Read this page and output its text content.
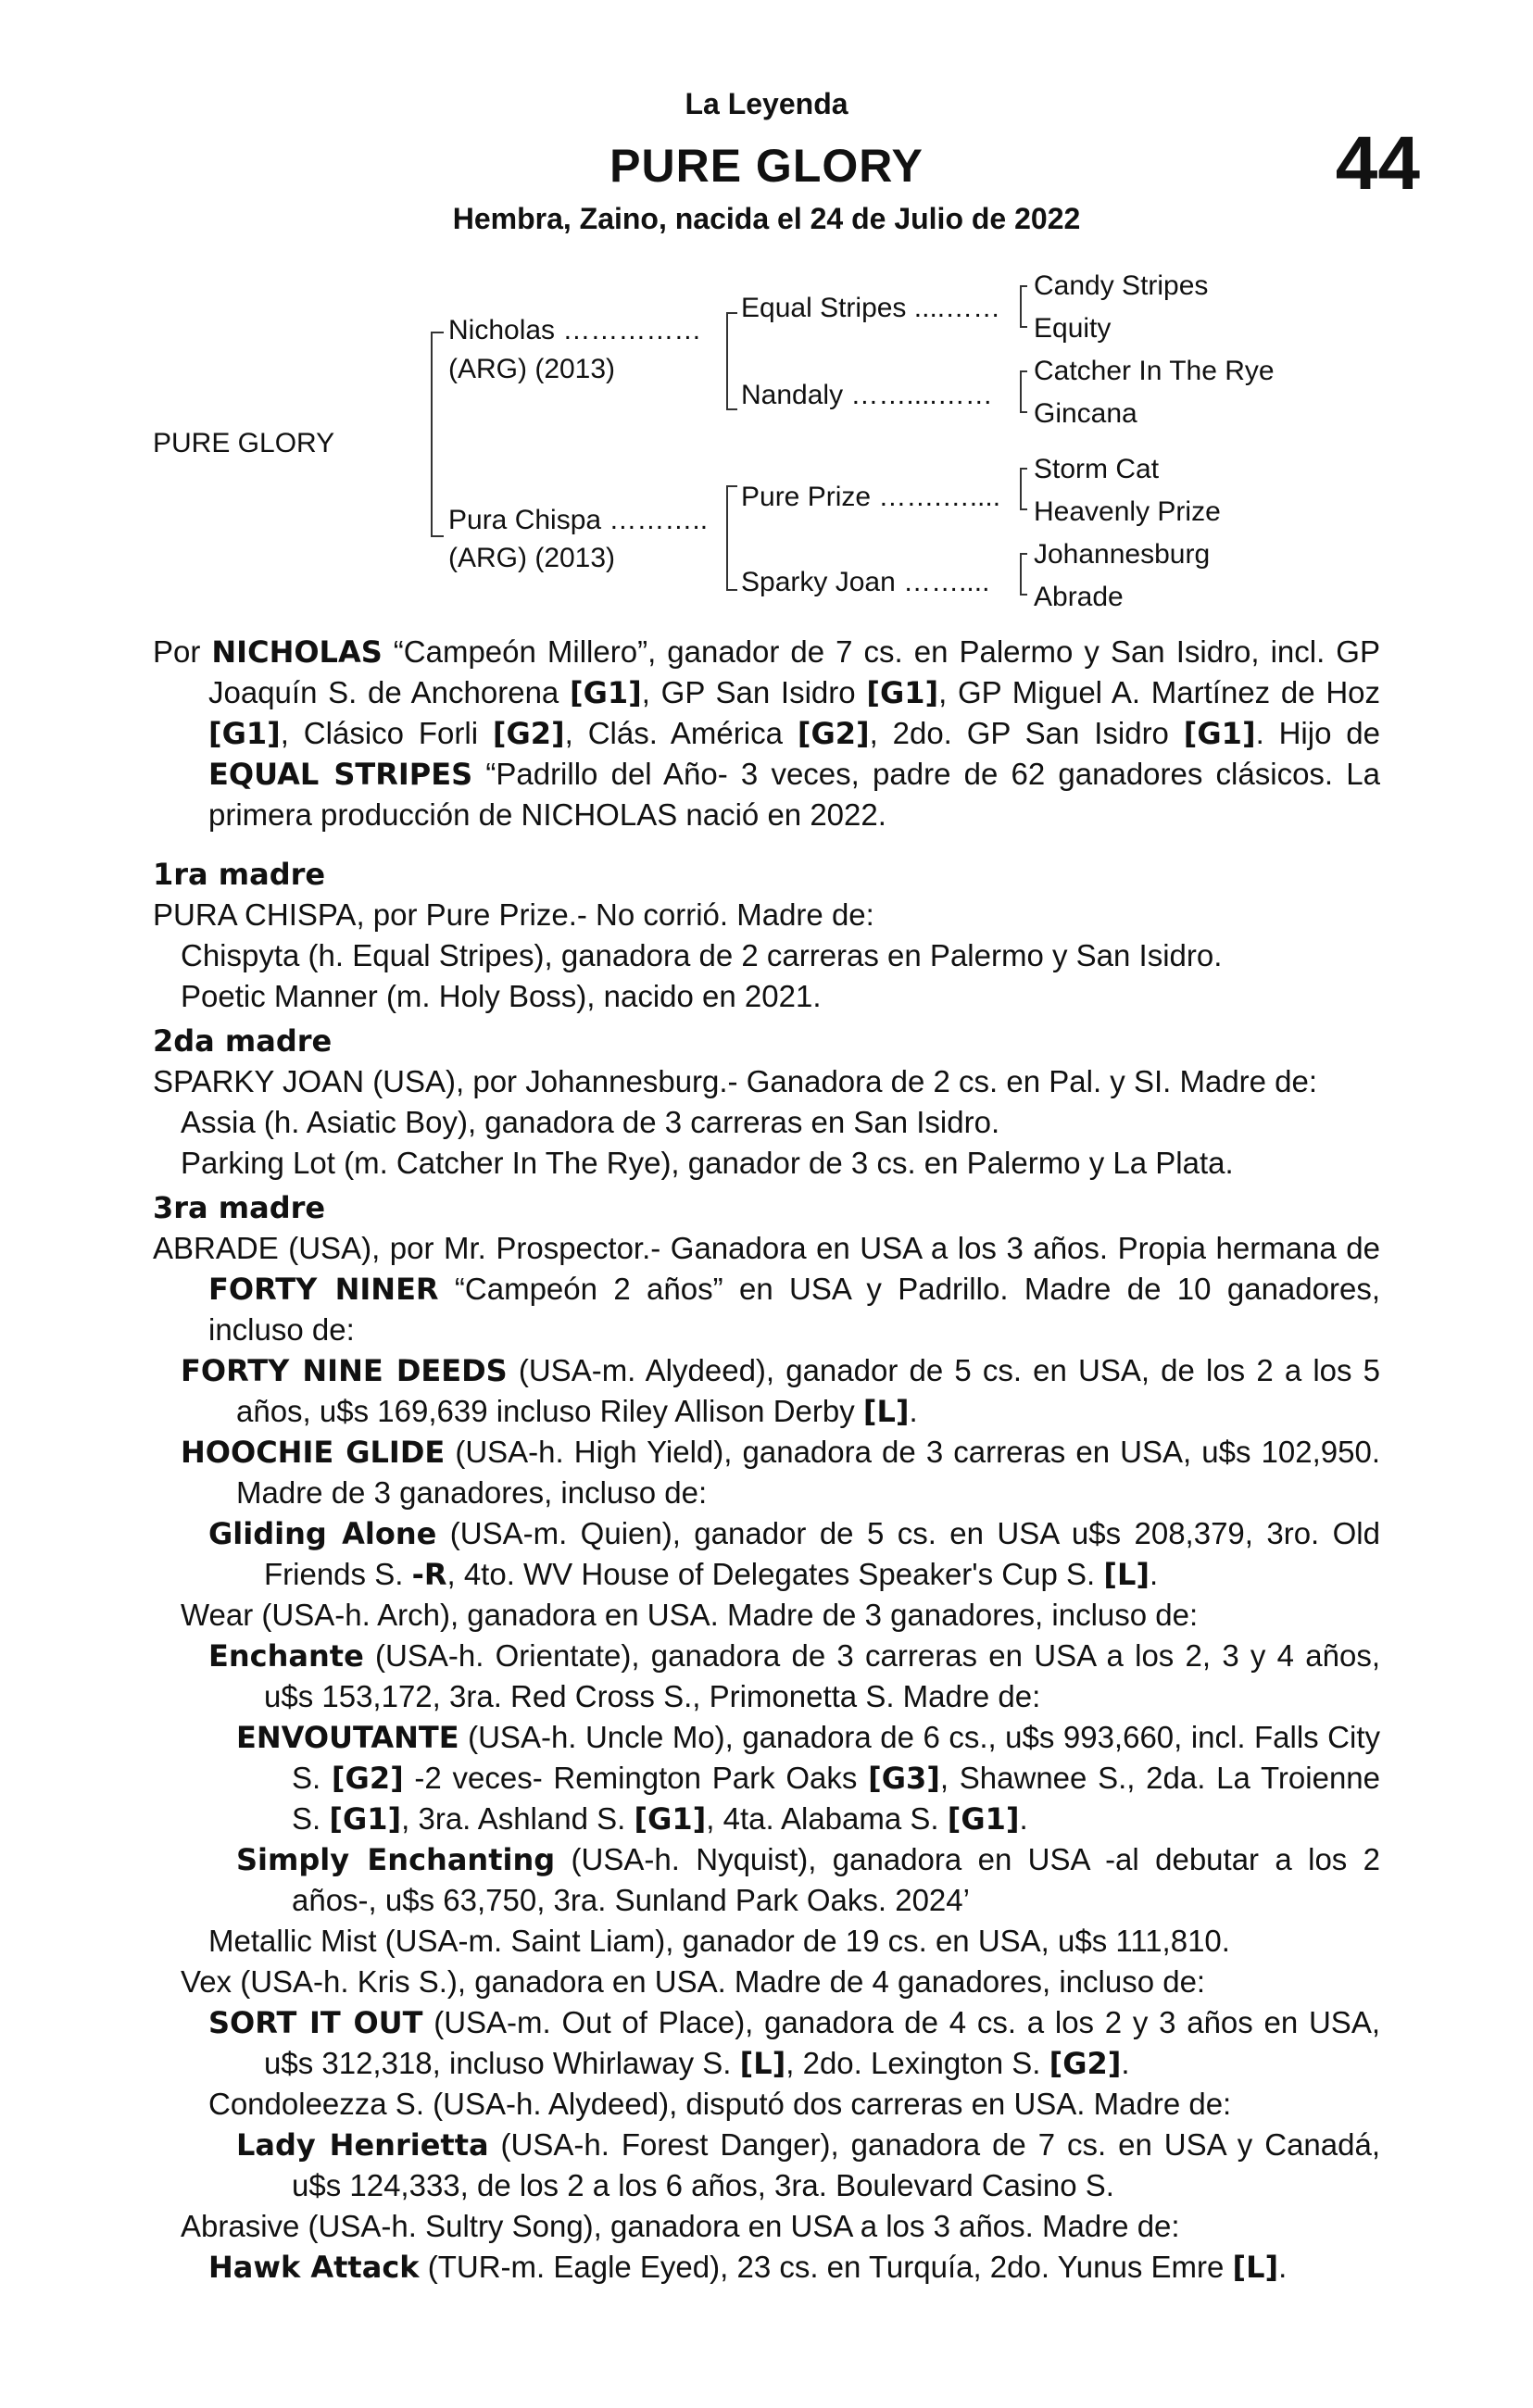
La Leyenda
PURE GLORY	44
Hembra, Zaino, nacida el 24 de Julio de 2022
PURE GLORY
Nicholas ……………
(ARG) (2013)
Pura Chispa ………..
(ARG) (2013)
Equal Stripes ....……
Nandaly ……....……
Pure Prize …….…....
Sparky Joan ……....
Candy Stripes
Equity
Catcher In The Rye
Gincana
Storm Cat
Heavenly Prize
Johannesburg
Abrade

Por NICHOLAS “Campeón Millero”, ganador de 7 cs. en Palermo y San Isidro, incl. GP Joaquín S. de Anchorena [G1], GP San Isidro [G1], GP Miguel A. Martínez de Hoz [G1], Clásico Forli [G2], Clás. América [G2], 2do. GP San Isidro [G1]. Hijo de EQUAL STRIPES “Padrillo del Año- 3 veces, padre de 62 ganadores clásicos. La primera producción de NICHOLAS nació en 2022.

1ra madre

PURA CHISPA, por Pure Prize.- No corrió. Madre de:

Chispyta (h. Equal Stripes), ganadora de 2 carreras en Palermo y San Isidro.

Poetic Manner (m. Holy Boss), nacido en 2021.

2da madre

SPARKY JOAN (USA), por Johannesburg.- Ganadora de 2 cs. en Pal. y SI. Madre de:

Assia (h. Asiatic Boy), ganadora de 3 carreras en San Isidro.

Parking Lot (m. Catcher In The Rye), ganador de 3 cs. en Palermo y La Plata.

3ra madre

ABRADE (USA), por Mr. Prospector.- Ganadora en USA a los 3 años. Propia hermana de FORTY NINER “Campeón 2 años” en USA y Padrillo. Madre de 10 ganadores, incluso de:

FORTY NINE DEEDS (USA-m. Alydeed), ganador de 5 cs. en USA, de los 2 a los 5 años, u$s 169,639 incluso Riley Allison Derby [L].

HOOCHIE GLIDE (USA-h. High Yield), ganadora de 3 carreras en USA, u$s 102,950. Madre de 3 ganadores, incluso de:

Gliding Alone (USA-m. Quien), ganador de 5 cs. en USA u$s 208,379, 3ro. Old Friends S. -R, 4to. WV House of Delegates Speaker's Cup S. [L].

Wear (USA-h. Arch), ganadora en USA. Madre de 3 ganadores, incluso de:

Enchante (USA-h. Orientate), ganadora de 3 carreras en USA a los 2, 3 y 4 años, u$s 153,172, 3ra. Red Cross S., Primonetta S. Madre de:

ENVOUTANTE (USA-h. Uncle Mo), ganadora de 6 cs., u$s 993,660, incl. Falls City S. [G2] -2 veces- Remington Park Oaks [G3], Shawnee S., 2da. La Troienne S. [G1], 3ra. Ashland S. [G1], 4ta. Alabama S. [G1].

Simply Enchanting (USA-h. Nyquist), ganadora en USA -al debutar a los 2 años-, u$s 63,750, 3ra. Sunland Park Oaks. 2024’

Metallic Mist (USA-m. Saint Liam), ganador de 19 cs. en USA, u$s 111,810.

Vex (USA-h. Kris S.), ganadora en USA. Madre de 4 ganadores, incluso de:

SORT IT OUT (USA-m. Out of Place), ganadora de 4 cs. a los 2 y 3 años en USA, u$s 312,318, incluso Whirlaway S. [L], 2do. Lexington S. [G2].

Condoleezza S. (USA-h. Alydeed), disputó dos carreras en USA. Madre de:

Lady Henrietta (USA-h. Forest Danger), ganadora de 7 cs. en USA y Canadá, u$s 124,333, de los 2 a los 6 años, 3ra. Boulevard Casino S.

Abrasive (USA-h. Sultry Song), ganadora en USA a los 3 años. Madre de:

Hawk Attack (TUR-m. Eagle Eyed), 23 cs. en Turquía, 2do. Yunus Emre [L].
